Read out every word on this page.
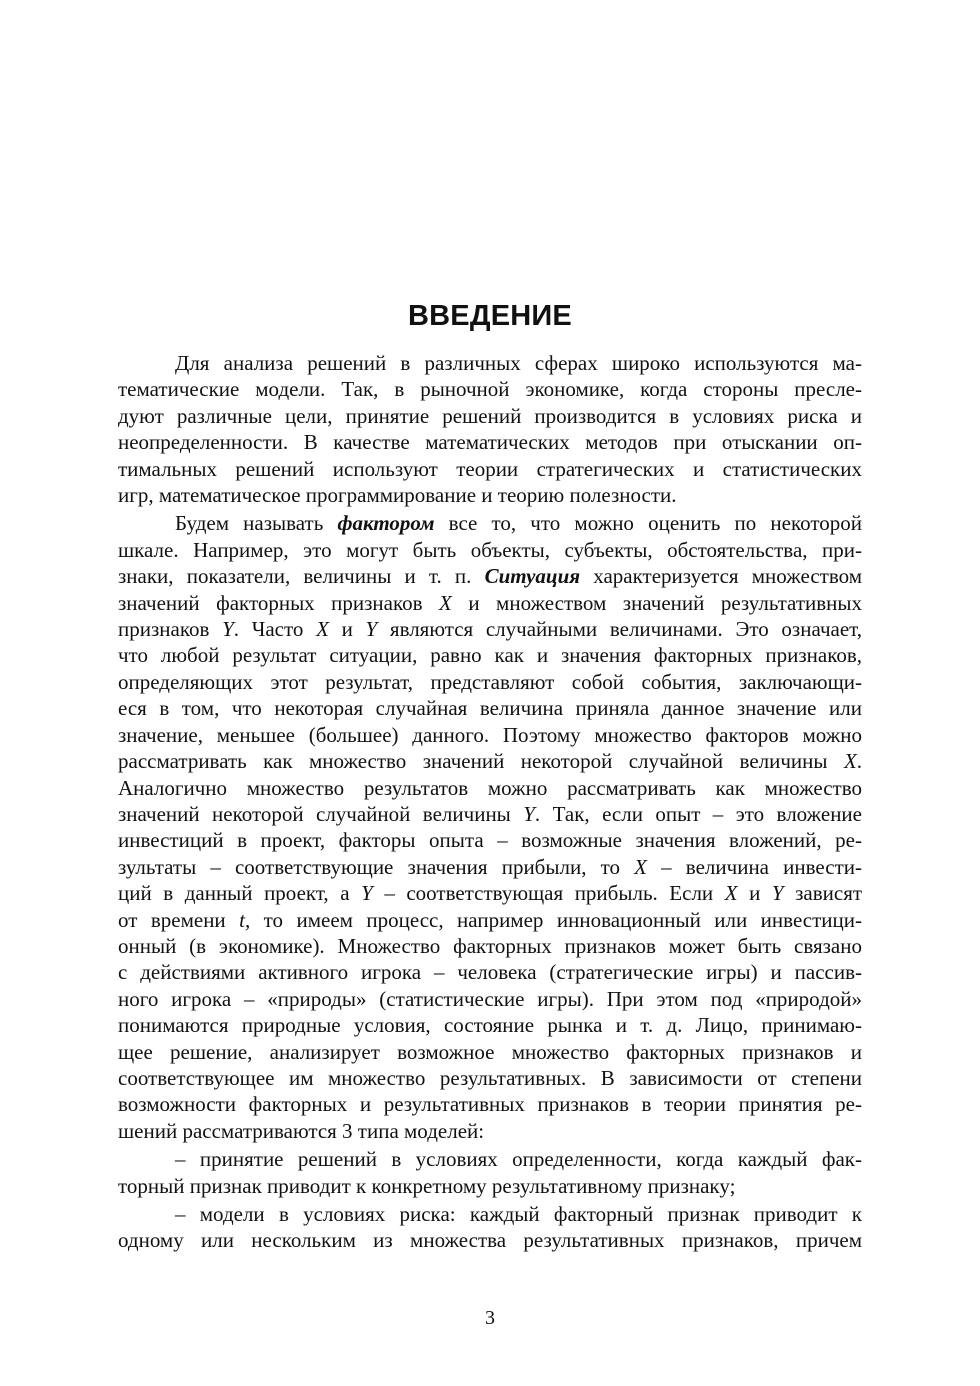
ВВЕДЕНИЕ

Для анализа решений в различных сферах широко используются ма-
тематические модели. Так, в рыночной экономике, когда стороны пресле-
дуют различные цели, принятие решений производится в условиях риска и
неопределенности. В качестве математических методов при отыскании оп-
тимальных решений используют теории стратегических и статистических
игр, математическое программирование и теорию полезности.

Будем называть фактором все то, что можно оценить по некоторой
шкале. Например, это могут быть объекты, субъекты, обстоятельства, при-
знаки, показатели, величины и т. п. Ситуация характеризуется множеством
значений факторных признаков X и множеством значений результативных
признаков Y. Часто X и Y являются случайными величинами. Это означает,
что любой результат ситуации, равно как и значения факторных признаков,
определяющих этот результат, представляют собой события, заключающи-
еся в том, что некоторая случайная величина приняла данное значение или
значение, меньшее (большее) данного. Поэтому множество факторов можно
рассматривать как множество значений некоторой случайной величины X.
Аналогично множество результатов можно рассматривать как множество
значений некоторой случайной величины Y. Так, если опыт – это вложение
инвестиций в проект, факторы опыта – возможные значения вложений, ре-
зультаты – соответствующие значения прибыли, то X – величина инвести-
ций в данный проект, а Y – соответствующая прибыль. Если X и Y зависят
от времени t, то имеем процесс, например инновационный или инвестици-
онный (в экономике). Множество факторных признаков может быть связано
с действиями активного игрока – человека (стратегические игры) и пассив-
ного игрока – «природы» (статистические игры). При этом под «природой»
понимаются природные условия, состояние рынка и т. д. Лицо, принимаю-
щее решение, анализирует возможное множество факторных признаков и
соответствующее им множество результативных. В зависимости от степени
возможности факторных и результативных признаков в теории принятия ре-
шений рассматриваются 3 типа моделей:

– принятие решений в условиях определенности, когда каждый фак-
торный признак приводит к конкретному результативному признаку;

– модели в условиях риска: каждый факторный признак приводит к
одному или нескольким из множества результативных признаков, причем

3
